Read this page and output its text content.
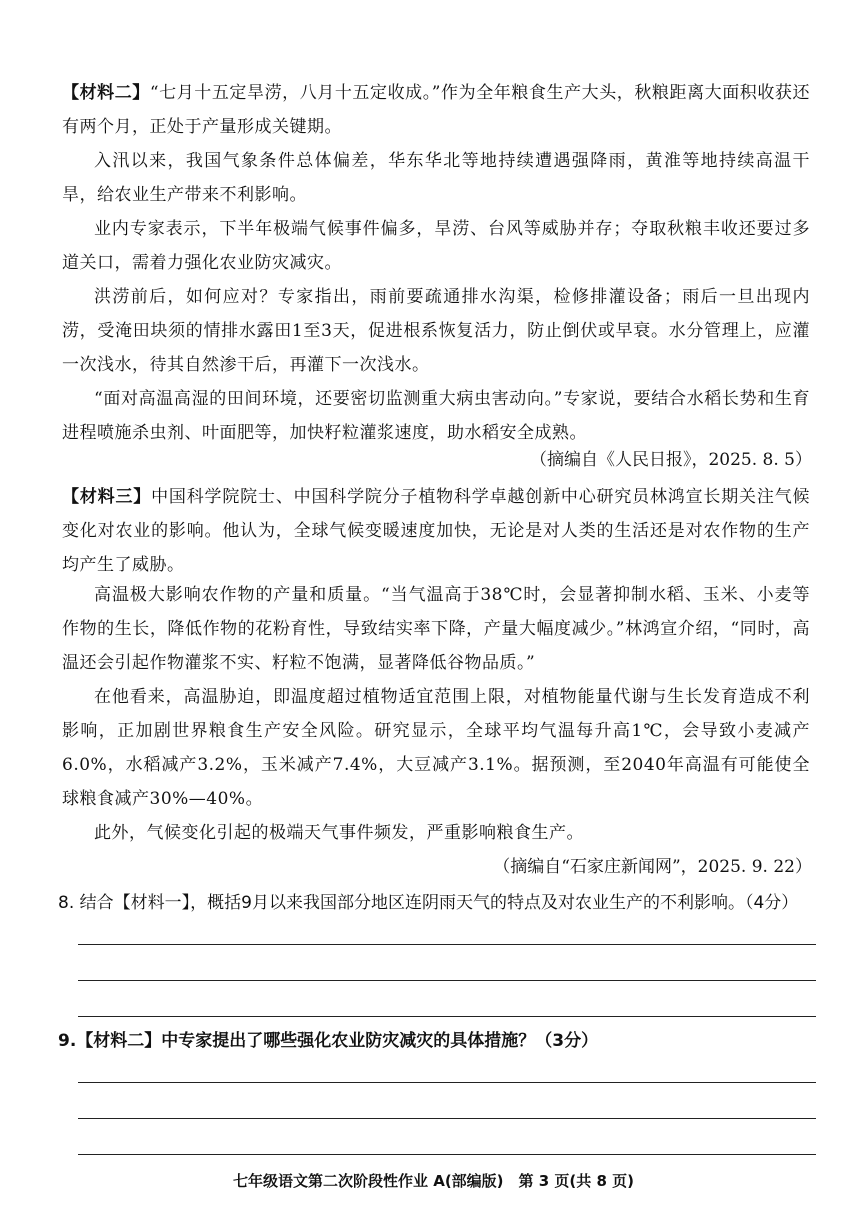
【材料二】“七月十五定旱涝，八月十五定收成。”作为全年粮食生产大头，秋粮距离大面积收获还有两个月，正处于产量形成关键期。
入汛以来，我国气象条件总体偏差，华东华北等地持续遭遇强降雨，黄淮等地持续高温干旱，给农业生产带来不利影响。
业内专家表示，下半年极端气候事件偏多，旱涝、台风等威胁并存；夺取秋粮丰收还要过多道关口，需着力强化农业防灾减灾。
洪涝前后，如何应对？专家指出，雨前要疏通排水沟渠，检修排灌设备；雨后一旦出现内涝，受淹田块须的情排水露田1至3天，促进根系恢复活力，防止倒伏或早衰。水分管理上，应灌一次浅水，待其自然渗干后，再灌下一次浅水。
“面对高温高湿的田间环境，还要密切监测重大病虫害动向。”专家说，要结合水稻长势和生育进程喷施杀虫剂、叶面肥等，加快籽粒灌浆速度，助水稻安全成熟。
（摘编自《人民日报》，2025. 8. 5）
【材料三】中国科学院院士、中国科学院分子植物科学卓越创新中心研究员林鸿宣长期关注气候变化对农业的影响。他认为，全球气候变暖速度加快，无论是对人类的生活还是对农作物的生产均产生了威胁。
高温极大影响农作物的产量和质量。“当气温高于38℃时，会显著抑制水稻、玉米、小麦等作物的生长，降低作物的花粉育性，导致结实率下降，产量大幅度减少。”林鸿宣介绍，“同时，高温还会引起作物灌浆不实、籽粒不饱满，显著降低谷物品质。”
在他看来，高温胁迫，即温度超过植物适宜范围上限，对植物能量代谢与生长发育造成不利影响，正加剧世界粮食生产安全风险。研究显示，全球平均气温每升高1℃，会导致小麦减产6.0%，水稻减产3.2%，玉米减产7.4%，大豆减产3.1%。据预测，至2040年高温有可能使全球粮食减产30%—40%。
此外，气候变化引起的极端天气事件频发，严重影响粮食生产。
（摘编自“石家庄新闻网”，2025. 9. 22）
8. 结合【材料一】，概括9月以来我国部分地区连阴雨天气的特点及对农业生产的不利影响。（4分）
9.【材料二】中专家提出了哪些强化农业防灾减灾的具体措施？（3分）
七年级语文第二次阶段性作业 A(部编版)　第 3 页(共 8 页)
